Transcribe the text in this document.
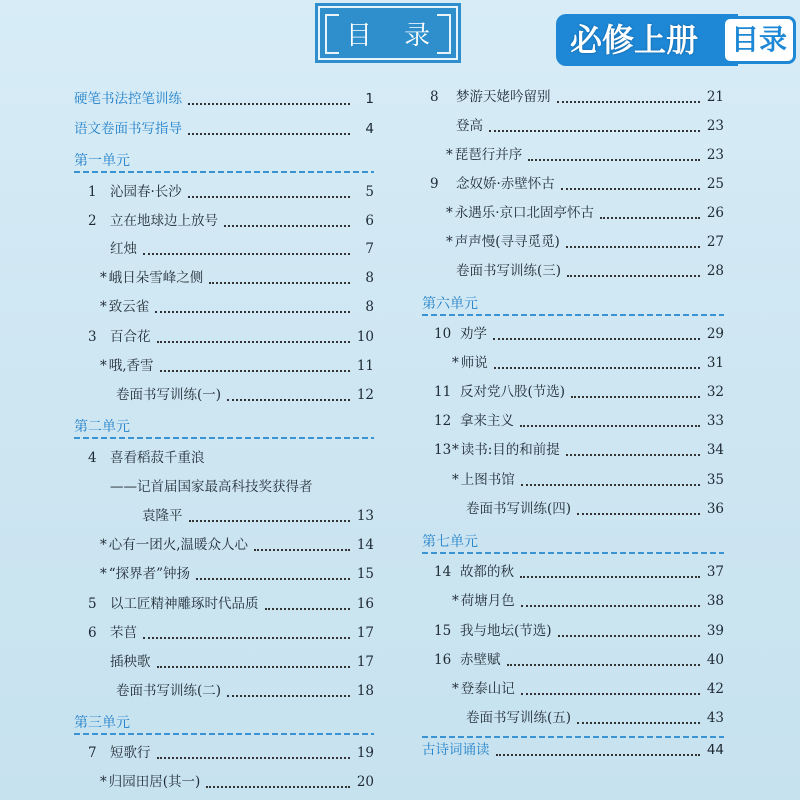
目 录	必修上册	目录
硬笔书法控笔训练	1
语文卷面书写指导	4
第一单元
1 沁园春·长沙	5
2 立在地球边上放号	6
红烛	7
* 峨日朵雪峰之侧	8
* 致云雀	8
3 百合花	10
* 哦,香雪	11
卷面书写训练(一)	12
第二单元
4 喜看稻菽千重浪
——记首届国家最高科技奖获得者
袁隆平	13
* 心有一团火,温暖众人心	14
* “探界者”钟扬	15
5 以工匠精神雕琢时代品质	16
6 芣苢	17
插秧歌	17
卷面书写训练(二)	18
第三单元
7 短歌行	19
* 归园田居(其一)	20
8	梦游天姥吟留别	21
登高	23
* 琵琶行并序	23
9	念奴娇·赤壁怀古	25
* 永遇乐·京口北固亭怀古	26
* 声声慢(寻寻觅觅)	27
卷面书写训练(三)	28
第六单元
10 劝学	29
* 师说	31
11 反对党八股(节选)	32
12 拿来主义	33
13 * 读书:目的和前提	34
* 上图书馆	35
卷面书写训练(四)	36
第七单元
14 故都的秋	37
* 荷塘月色	38
15 我与地坛(节选)	39
16 赤壁赋	40
* 登泰山记	42
卷面书写训练(五)	43
古诗词诵读	44
